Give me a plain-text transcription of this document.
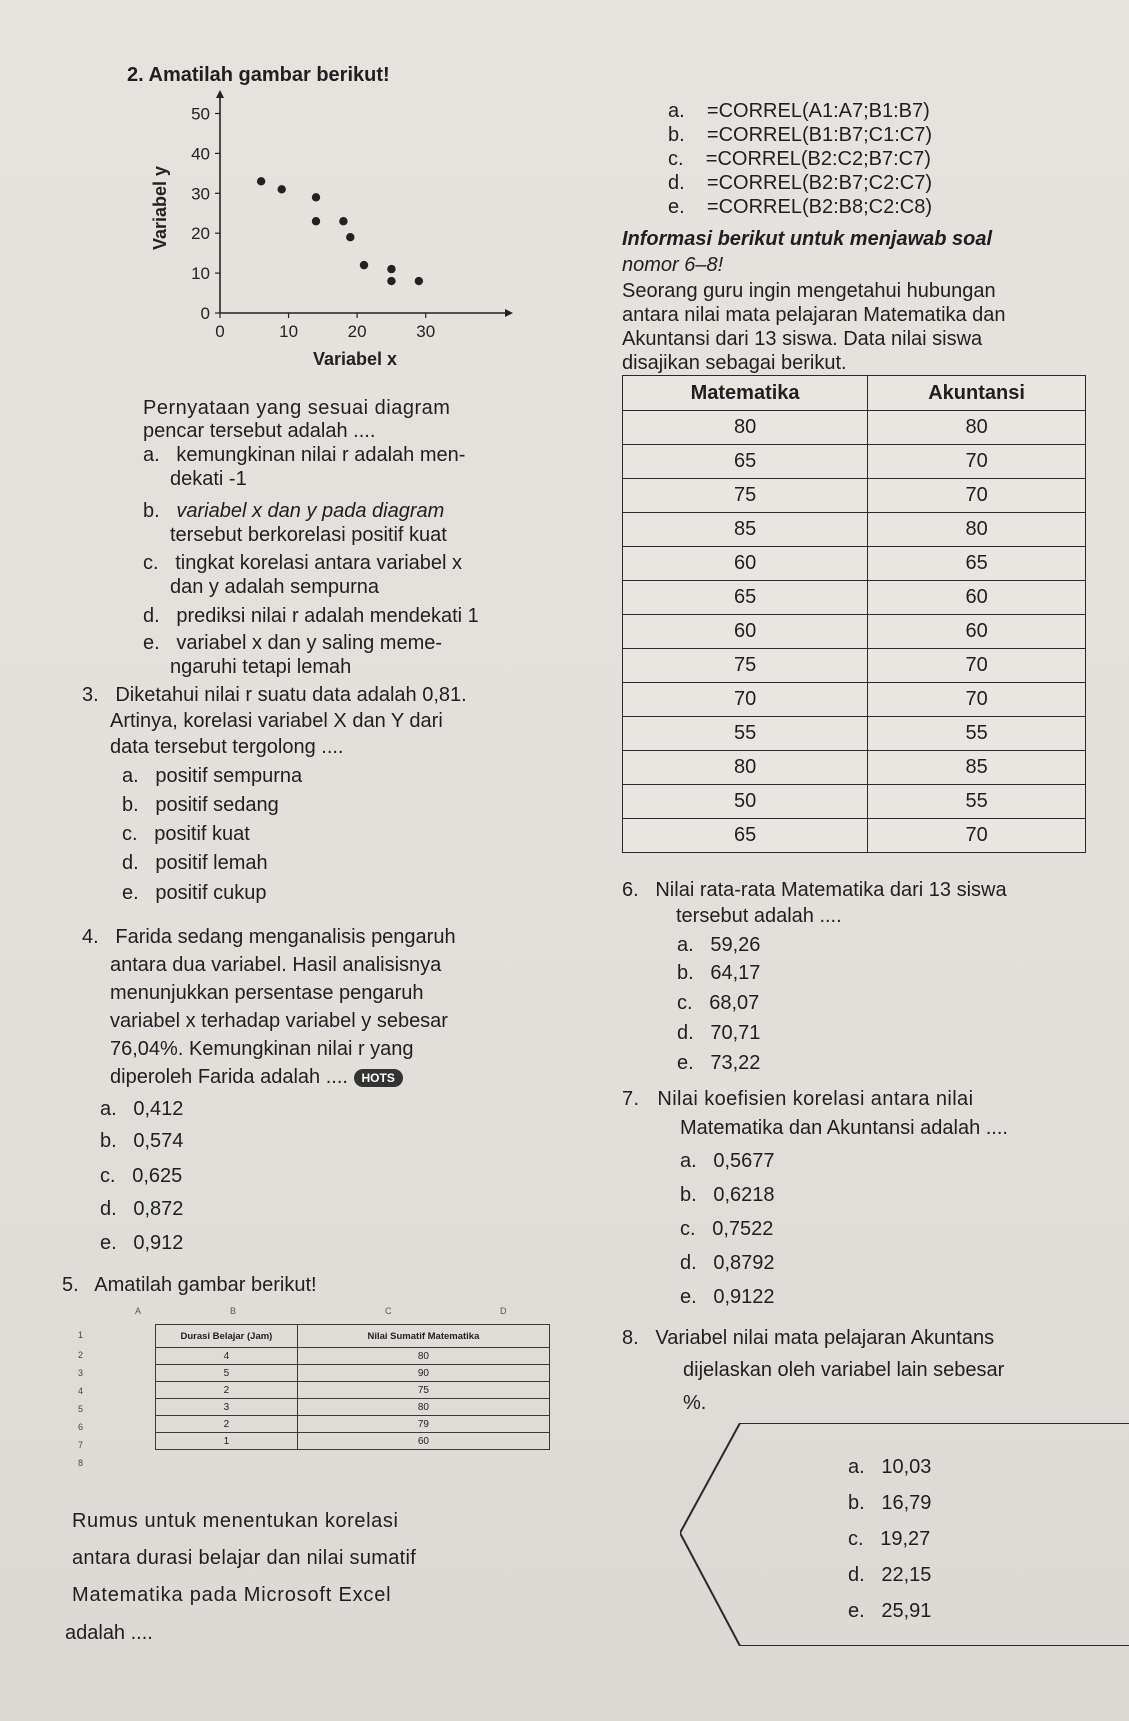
2. Amatilah gambar berikut!
0	10	20	30
0
10
20
30
40
50
Variabel x
Variabel y
Pernyataan yang sesuai diagram
pencar tersebut adalah ....
a. kemungkinan nilai r adalah men-
dekati -1
b. variabel x dan y pada diagram
tersebut berkorelasi positif kuat
c. tingkat korelasi antara variabel x
dan y adalah sempurna
d. prediksi nilai r adalah mendekati 1
e. variabel x dan y saling meme-
ngaruhi tetapi lemah
3. Diketahui nilai r suatu data adalah 0,81.
Artinya, korelasi variabel X dan Y dari
data tersebut tergolong ....
a. positif sempurna
b. positif sedang
c. positif kuat
d. positif lemah
e. positif cukup
4. Farida sedang menganalisis pengaruh
antara dua variabel. Hasil analisisnya
menunjukkan persentase pengaruh
variabel x terhadap variabel y sebesar
76,04%. Kemungkinan nilai r yang
diperoleh Farida adalah .... HOTS
a. 0,412
b. 0,574
c. 0,625
d. 0,872
e. 0,912
5. Amatilah gambar berikut!
A	B	C	D
1
2
3
4
5
6
7
8
Durasi Belajar (Jam)	Nilai Sumatif Matematika
4	80
5	90
2	75
3	80
2	79
1	60
Rumus untuk menentukan korelasi
antara durasi belajar dan nilai sumatif
Matematika pada Microsoft Excel
adalah ....
a. =CORREL(A1:A7;B1:B7)
b. =CORREL(B1:B7;C1:C7)
c. =CORREL(B2:C2;B7:C7)
d. =CORREL(B2:B7;C2:C7)
e. =CORREL(B2:B8;C2:C8)
Informasi berikut untuk menjawab soal
nomor 6–8!
Seorang guru ingin mengetahui hubungan
antara nilai mata pelajaran Matematika dan
Akuntansi dari 13 siswa. Data nilai siswa
disajikan sebagai berikut.
Matematika	Akuntansi
80	80
65	70
75	70
85	80
60	65
65	60
60	60
75	70
70	70
55	55
80	85
50	55
65	70
6. Nilai rata-rata Matematika dari 13 siswa
tersebut adalah ....
a. 59,26
b. 64,17
c. 68,07
d. 70,71
e. 73,22
7. Nilai koefisien korelasi antara nilai
Matematika dan Akuntansi adalah ....
a. 0,5677
b. 0,6218
c. 0,7522
d. 0,8792
e. 0,9122
8. Variabel nilai mata pelajaran Akuntans
dijelaskan oleh variabel lain sebesar
%.
a. 10,03
b. 16,79
c. 19,27
d. 22,15
e. 25,91
